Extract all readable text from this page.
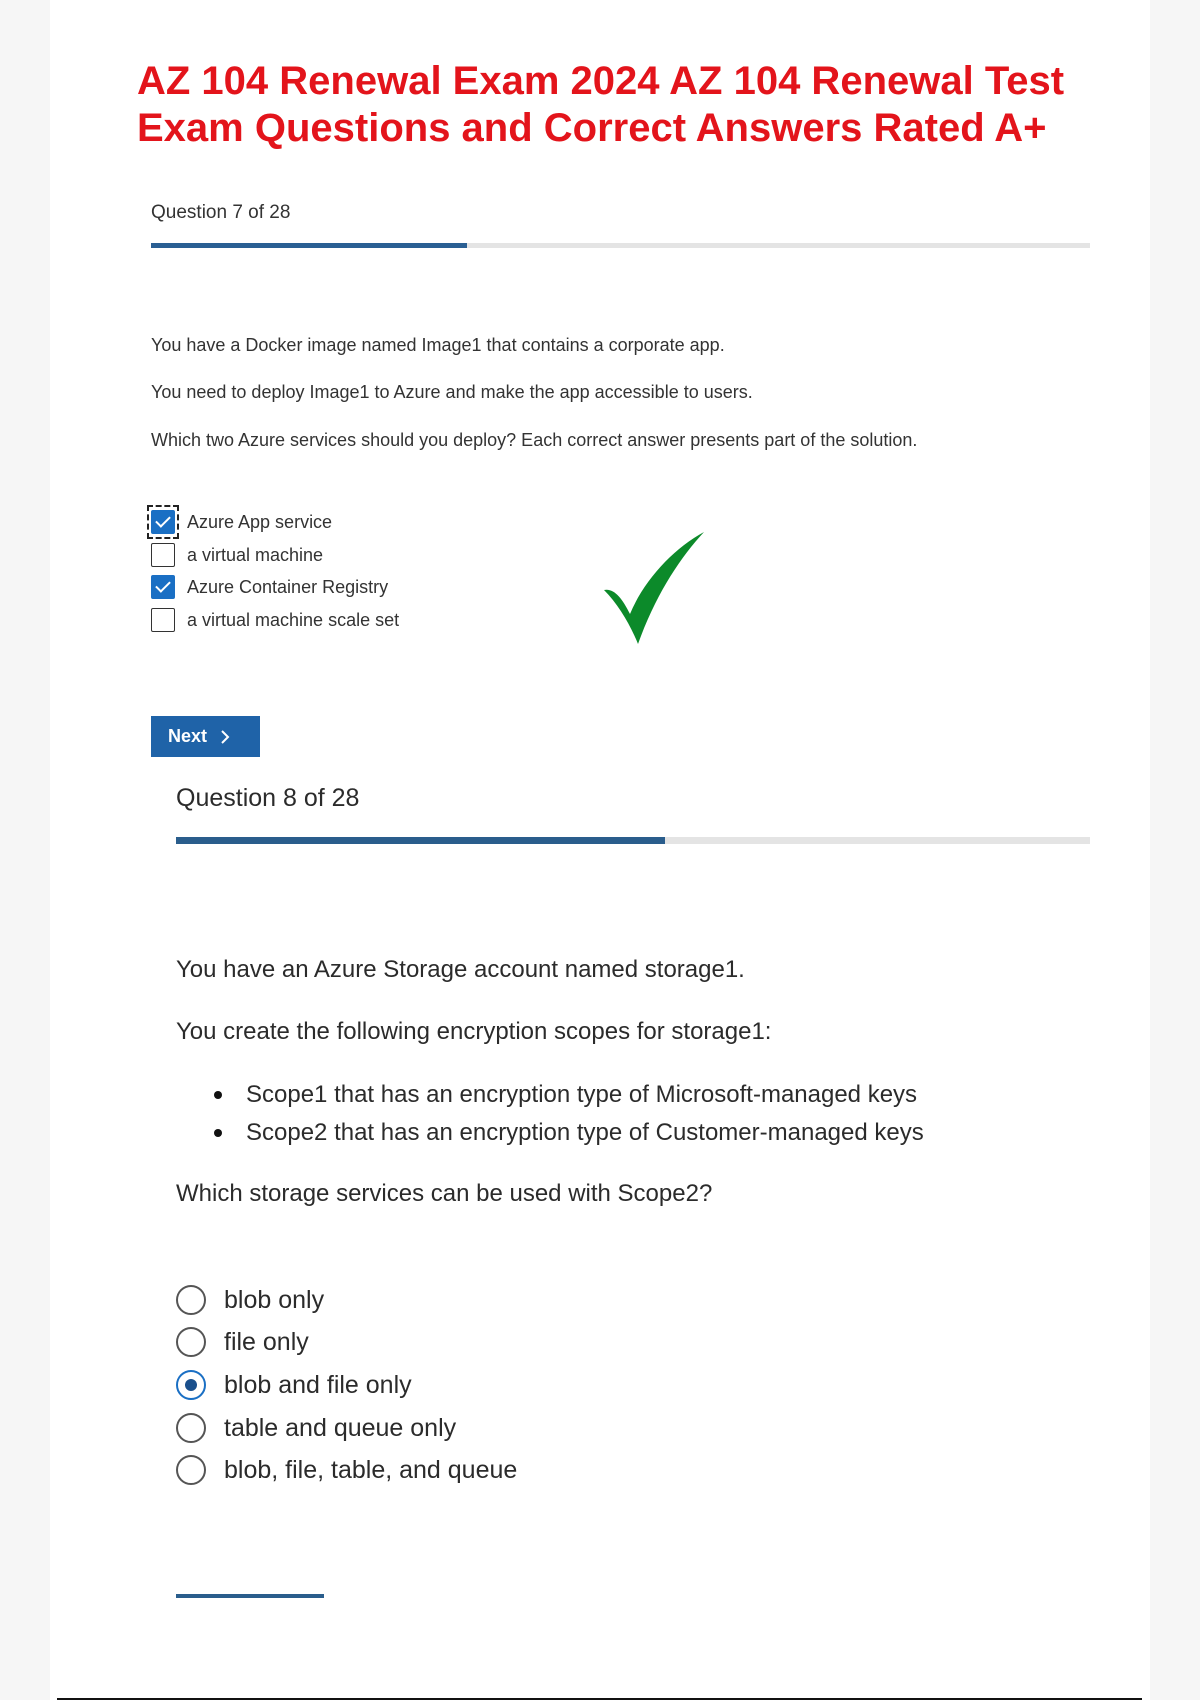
AZ 104 Renewal Exam 2024 AZ 104 Renewal Test Exam Questions and Correct Answers Rated A+
Question 7 of 28

You have a Docker image named Image1 that contains a corporate app.

You need to deploy Image1 to Azure and make the app accessible to users.

Which two Azure services should you deploy? Each correct answer presents part of the solution.

Azure App service
a virtual machine
Azure Container Registry
a virtual machine scale set
Next
Question 8 of 28

You have an Azure Storage account named storage1.

You create the following encryption scopes for storage1:

Scope1 that has an encryption type of Microsoft-managed keys
Scope2 that has an encryption type of Customer-managed keys

Which storage services can be used with Scope2?

blob only
file only
blob and file only
table and queue only
blob, file, table, and queue
